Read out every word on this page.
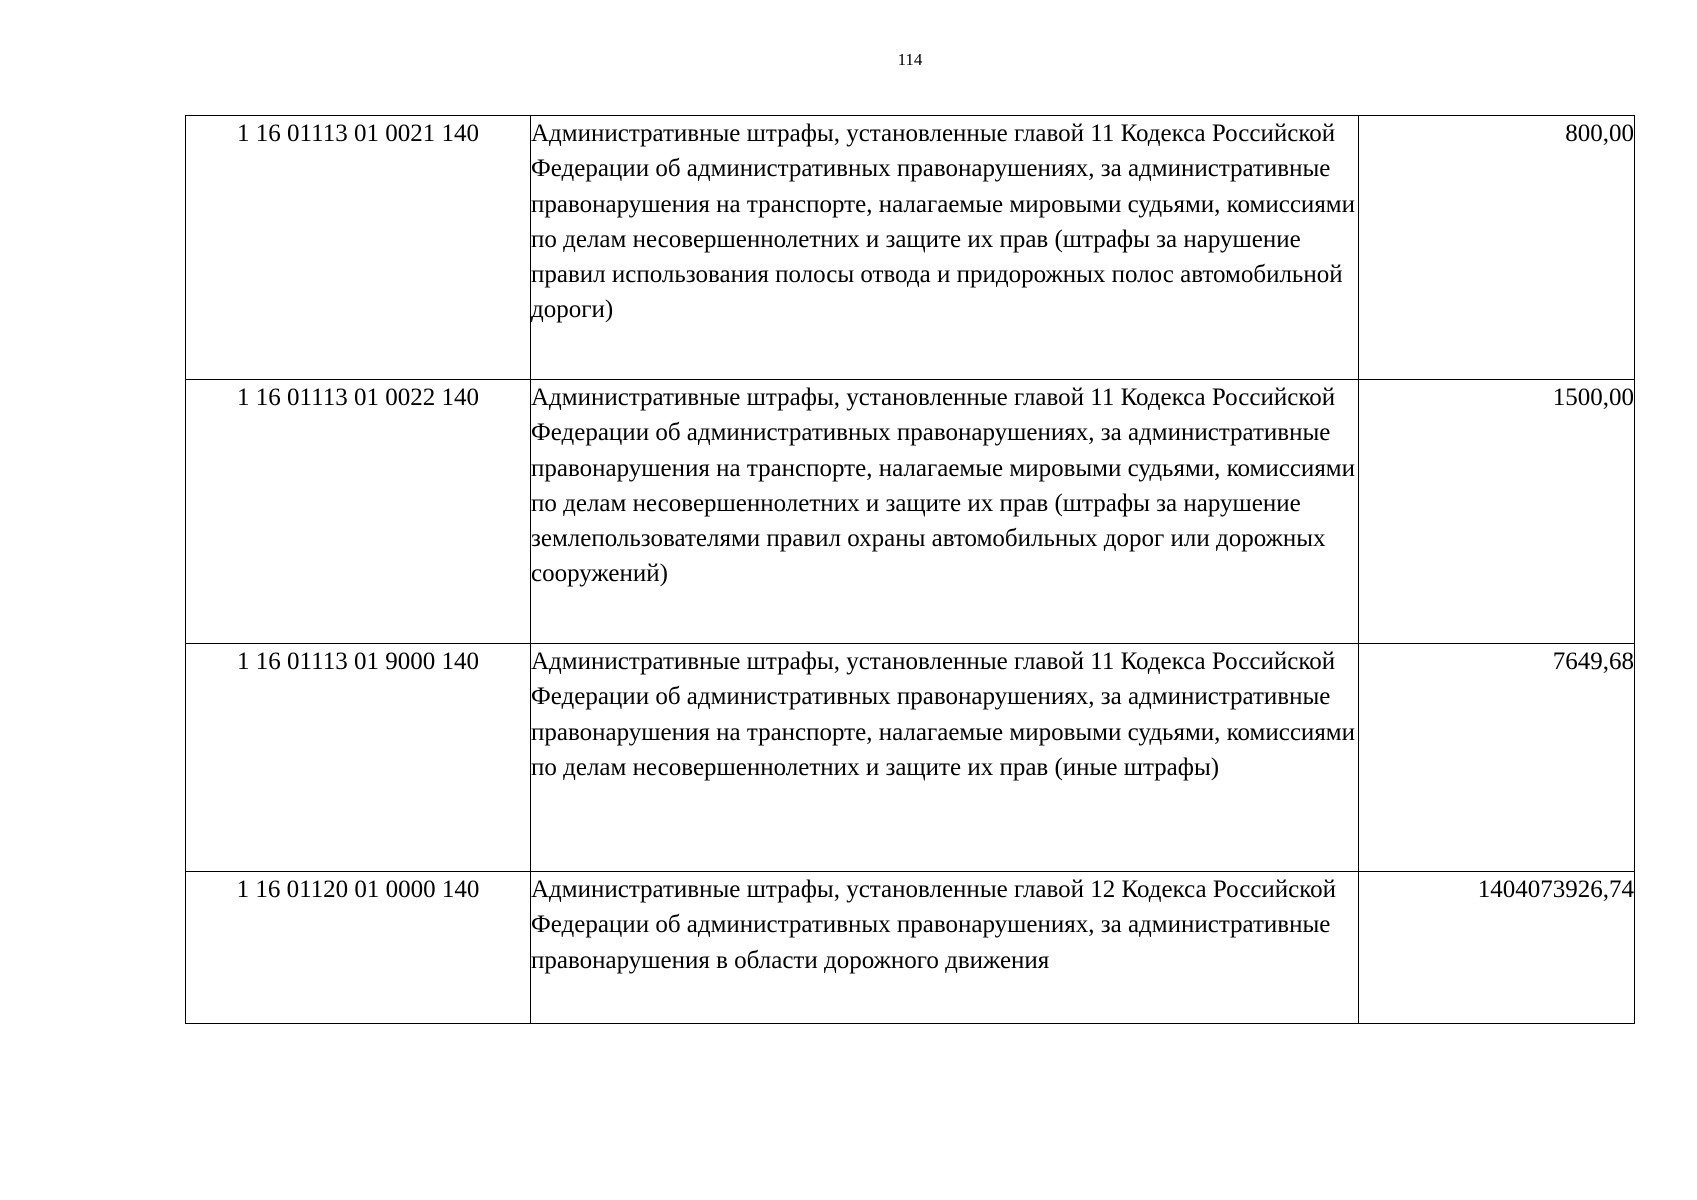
114
1 16 01113 01 0021 140	Административные штрафы, установленные главой 11 Кодекса Российской Федерации об административных правонарушениях, за административные правонарушения на транспорте, налагаемые мировыми судьями, комиссиями по делам несовершеннолетних и защите их прав (штрафы за нарушение правил использования полосы отвода и придорожных полос автомобильной дороги)	800,00
1 16 01113 01 0022 140	Административные штрафы, установленные главой 11 Кодекса Российской Федерации об административных правонарушениях, за административные правонарушения на транспорте, налагаемые мировыми судьями, комиссиями по делам несовершеннолетних и защите их прав (штрафы за нарушение землепользователями правил охраны автомобильных дорог или дорожных сооружений)	1500,00
1 16 01113 01 9000 140	Административные штрафы, установленные главой 11 Кодекса Российской Федерации об административных правонарушениях, за административные правонарушения на транспорте, налагаемые мировыми судьями, комиссиями по делам несовершеннолетних и защите их прав (иные штрафы)	7649,68
1 16 01120 01 0000 140	Административные штрафы, установленные главой 12 Кодекса Российской Федерации об административных правонарушениях, за административные правонарушения в области дорожного движения	1404073926,74
